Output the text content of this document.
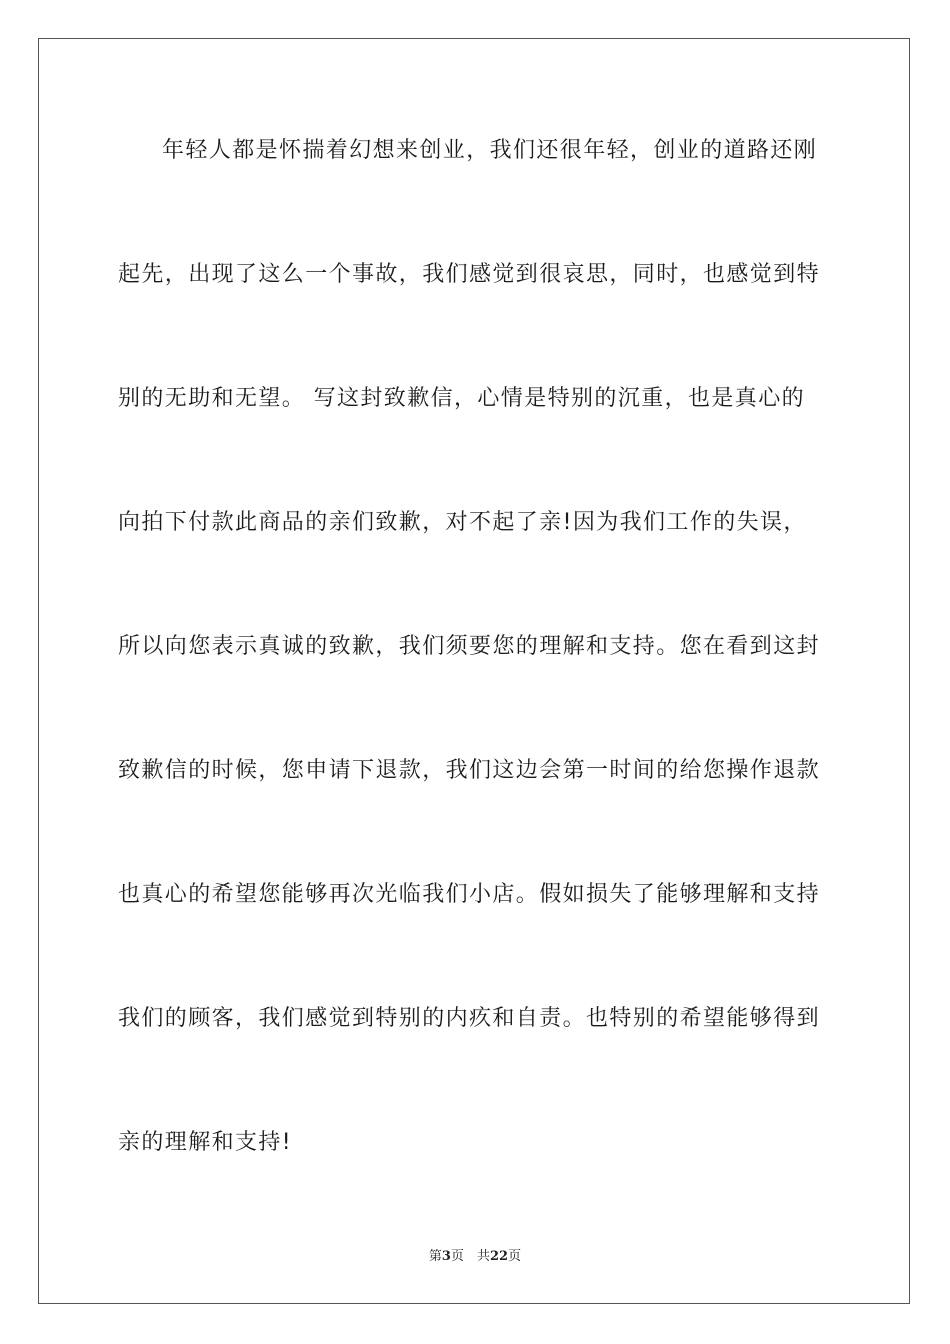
年轻人都是怀揣着幻想来创业，我们还很年轻，创业的道路还刚
起先，出现了这么一个事故，我们感觉到很哀思，同时，也感觉到特
别的无助和无望。 写这封致歉信，心情是特别的沉重，也是真心的
向拍下付款此商品的亲们致歉，对不起了亲!因为我们工作的失误，
所以向您表示真诚的致歉，我们须要您的理解和支持。您在看到这封
致歉信的时候，您申请下退款，我们这边会第一时间的给您操作退款
也真心的希望您能够再次光临我们小店。假如损失了能够理解和支持
我们的顾客，我们感觉到特别的内疚和自责。也特别的希望能够得到
亲的理解和支持!
第3页　共22页
